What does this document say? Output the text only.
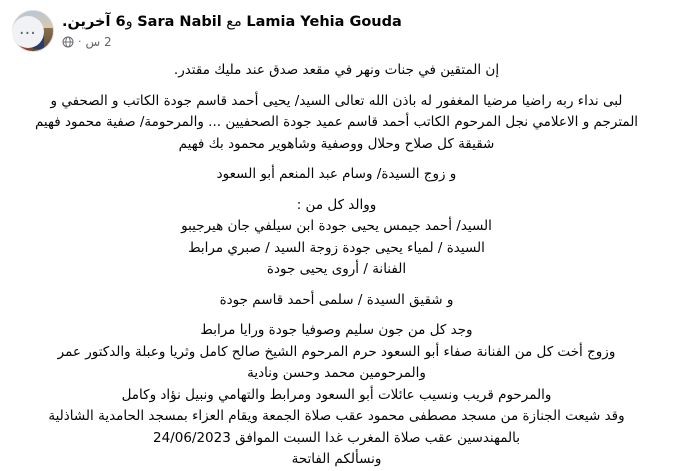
Lamia Yehia Gouda مع Sara Nabil و6 آخرين.
2 س
·
…

إن المتقين في جنات ونهر في مقعد صدق عند مليك مقتدر.

لبى نداء ربه راضيا مرضيا المغفور له باذن الله تعالى السيد/ يحيى أحمد قاسم جودة الكاتب و الصحفي و

المترجم و الاعلامي نجل المرحوم الكاتب أحمد قاسم عميد جودة الصحفيين ... والمرحومة/ صفية محمود فهيم

شقيقة كل صلاح وحلال ووصفية وشاهوير محمود بك فهيم

و زوج السيدة/ وسام عبد المنعم أبو السعود

ووالد كل من :

السيد/ أحمد جيمس يحيى جودة ابن سيلفي جان هيرجيبو

السيدة / لمياء يحيى جودة زوجة السيد / صبري مرابط

الفنانة / أروى يحيى جودة

و شقيق السيدة / سلمى أحمد قاسم جودة

وجد كل من جون سليم وصوفيا جودة ورايا مرابط

وزوج أخت كل من الفنانة صفاء أبو السعود حرم المرحوم الشيخ صالح كامل وثريا وعبلة والدكتور عمر

والمرحومين محمد وحسن ونادية

والمرحوم قريب ونسيب عائلات أبو السعود ومرابط والتهامي ونبيل نؤاد وكامل

وقد شيعت الجنازة من مسجد مصطفى محمود عقب صلاة الجمعة ويقام العزاء بمسجد الحامدية الشاذلية

بالمهندسين عقب صلاة المغرب غدا السبت الموافق 24/06/2023

ونسألكم الفاتحة
